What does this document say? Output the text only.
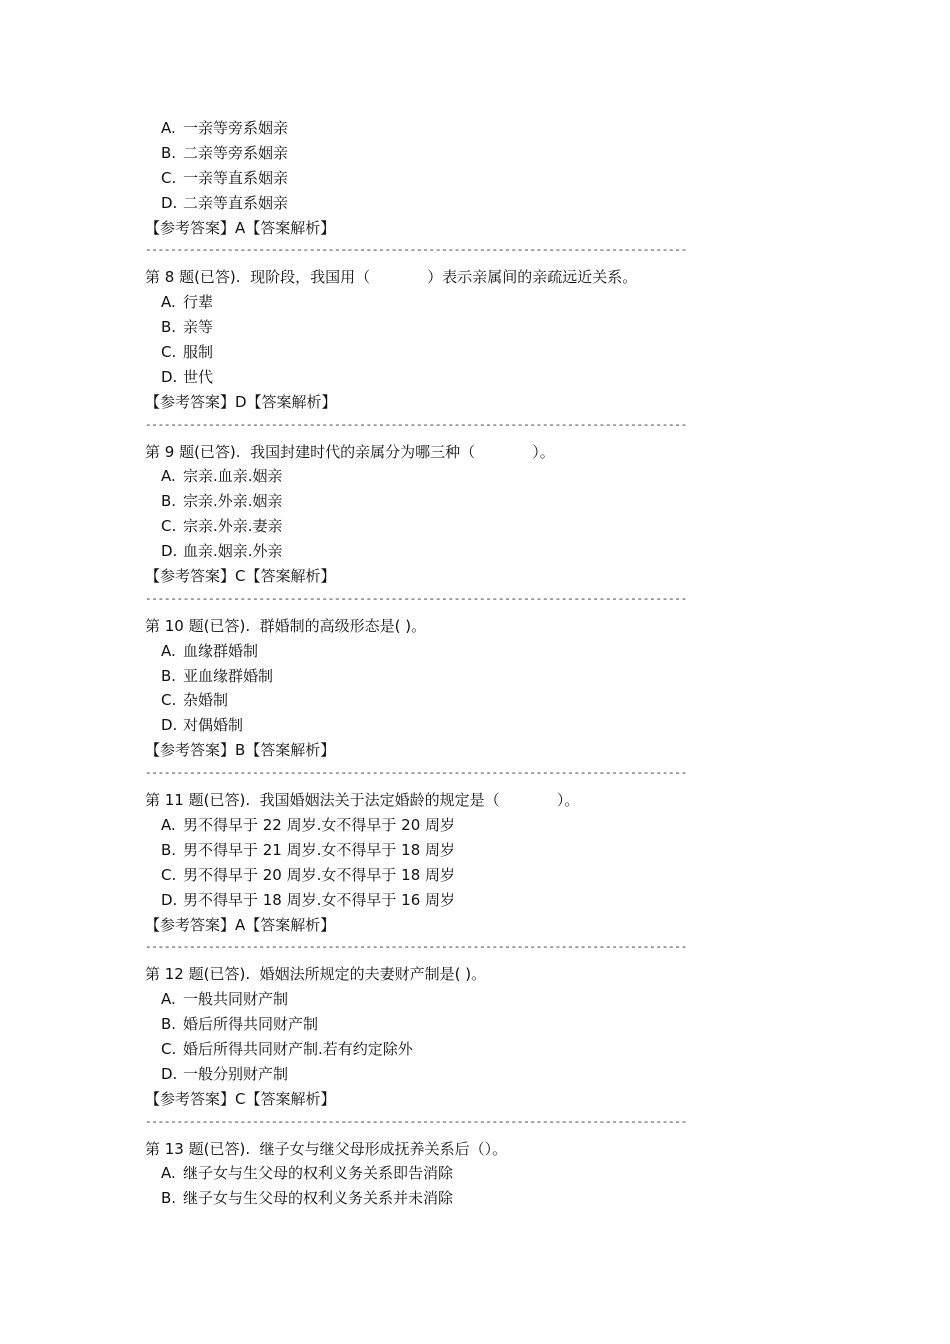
A. 一亲等旁系姻亲
B. 二亲等旁系姻亲
C. 一亲等直系姻亲
D. 二亲等直系姻亲
【参考答案】A【答案解析】
--------------------------------------------------------------------------------------
第 8 题(已答).  现阶段，我国用（            ）表示亲属间的亲疏远近关系。
A. 行辈
B. 亲等
C. 服制
D. 世代
【参考答案】D【答案解析】
--------------------------------------------------------------------------------------
第 9 题(已答).  我国封建时代的亲属分为哪三种（            ）。
A. 宗亲.血亲.姻亲
B. 宗亲.外亲.姻亲
C. 宗亲.外亲.妻亲
D. 血亲.姻亲.外亲
【参考答案】C【答案解析】
--------------------------------------------------------------------------------------
第 10 题(已答).  群婚制的高级形态是( )。
A. 血缘群婚制
B. 亚血缘群婚制
C. 杂婚制
D. 对偶婚制
【参考答案】B【答案解析】
--------------------------------------------------------------------------------------
第 11 题(已答).  我国婚姻法关于法定婚龄的规定是（            ）。
A. 男不得早于 22 周岁.女不得早于 20 周岁
B. 男不得早于 21 周岁.女不得早于 18 周岁
C. 男不得早于 20 周岁.女不得早于 18 周岁
D. 男不得早于 18 周岁.女不得早于 16 周岁
【参考答案】A【答案解析】
--------------------------------------------------------------------------------------
第 12 题(已答).  婚姻法所规定的夫妻财产制是( )。
A. 一般共同财产制
B. 婚后所得共同财产制
C. 婚后所得共同财产制.若有约定除外
D. 一般分别财产制
【参考答案】C【答案解析】
--------------------------------------------------------------------------------------
第 13 题(已答).  继子女与继父母形成抚养关系后（）。
A. 继子女与生父母的权利义务关系即告消除
B. 继子女与生父母的权利义务关系并未消除
